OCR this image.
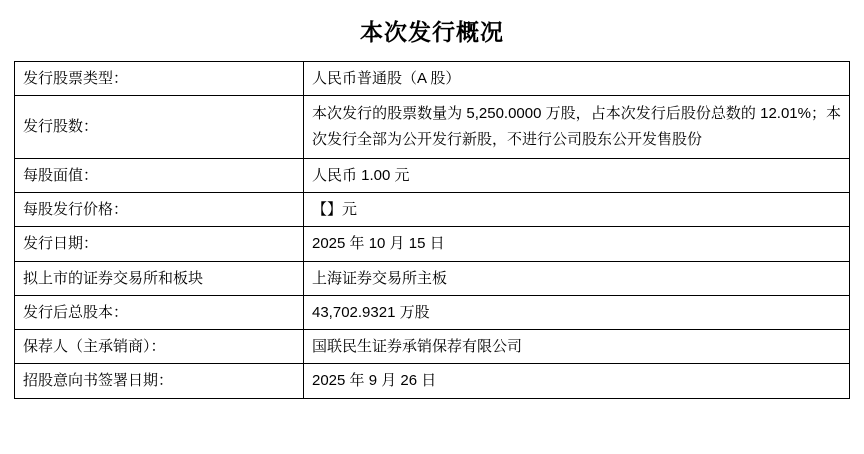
本次发行概况
发行股票类型：	人民币普通股（A 股）
发行股数：	本次发行的股票数量为 5,250.0000 万股，占本次发行后股份总数的 12.01%；本次发行全部为公开发行新股，不进行公司股东公开发售股份
每股面值：	人民币 1.00 元
每股发行价格：	【】元
发行日期：	2025 年 10 月 15 日
拟上市的证券交易所和板块	上海证券交易所主板
发行后总股本：	43,702.9321 万股
保荐人（主承销商）：	国联民生证券承销保荐有限公司
招股意向书签署日期：	2025 年 9 月 26 日
